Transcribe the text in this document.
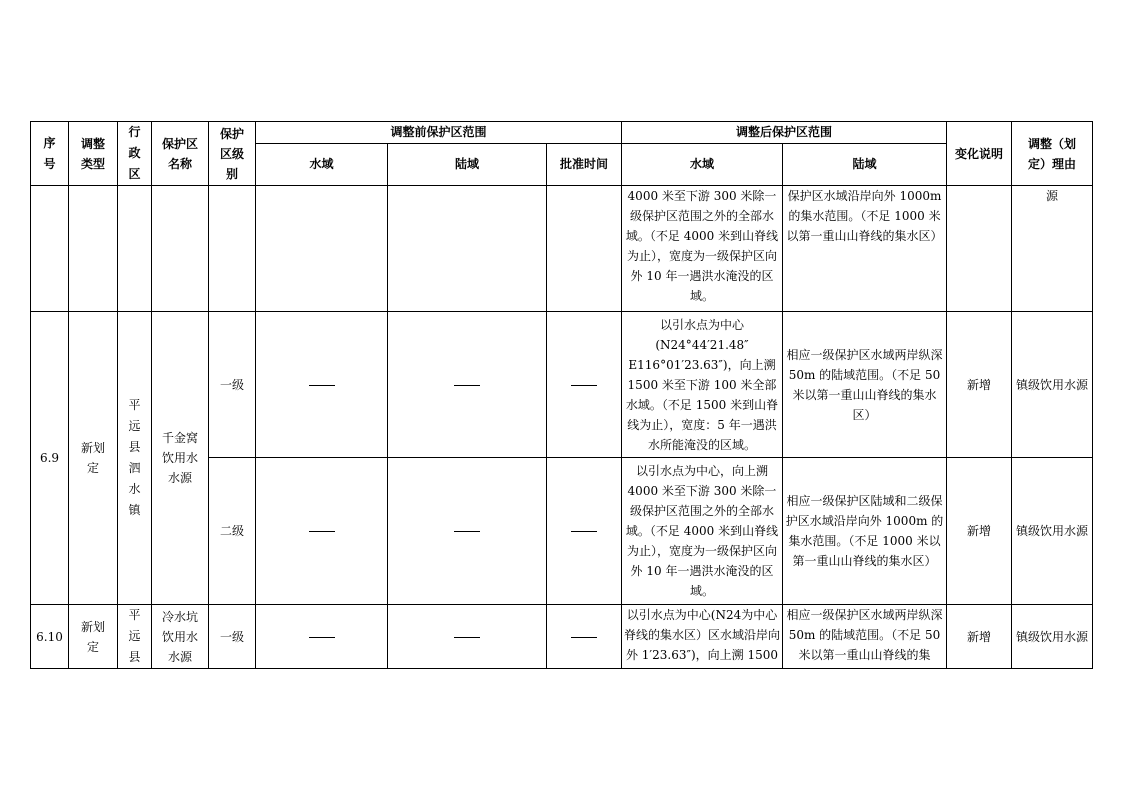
序号	调整类型	行政区	保护区名称	保护区级别	调整前保护区范围			调整后保护区范围		变化说明	调整（划定）理由
					水域	陆域	批准时间	水域	陆域		
								4000 米至下游 300 米除一级保护区范围之外的全部水域。（不足 4000 米到山脊线为止），宽度为一级保护区向外 10 年一遇洪水淹没的区域。	保护区水域沿岸向外 1000m 的集水范围。（不足 1000 米以第一重山山脊线的集水区）		源
6.9	新划定	平远县泗水镇	千金窝饮用水水源	一级				以引水点为中心(N24°44′21.48″ E116°01′23.63″)，向上溯 1500 米至下游 100 米全部水域。（不足 1500 米到山脊线为止），宽度：5 年一遇洪水所能淹没的区域。	相应一级保护区水域两岸纵深 50m 的陆域范围。（不足 50 米以第一重山山脊线的集水区）	新增	镇级饮用水源
				二级				以引水点为中心，向上溯 4000 米至下游 300 米除一级保护区范围之外的全部水域。（不足 4000 米到山脊线为止），宽度为一级保护区向外 10 年一遇洪水淹没的区域。	相应一级保护区陆域和二级保护区水域沿岸向外 1000m 的集水范围。（不足 1000 米以第一重山山脊线的集水区）	新增	镇级饮用水源
6.10	新划定	平远县	冷水坑饮用水水源	一级				以引水点为中心(N24为中心脊线的集水区）区水域沿岸向外 1′23.63″)，向上溯 1500	相应一级保护区水域两岸纵深 50m 的陆域范围。（不足 50 米以第一重山山脊线的集	新增	镇级饮用水源
